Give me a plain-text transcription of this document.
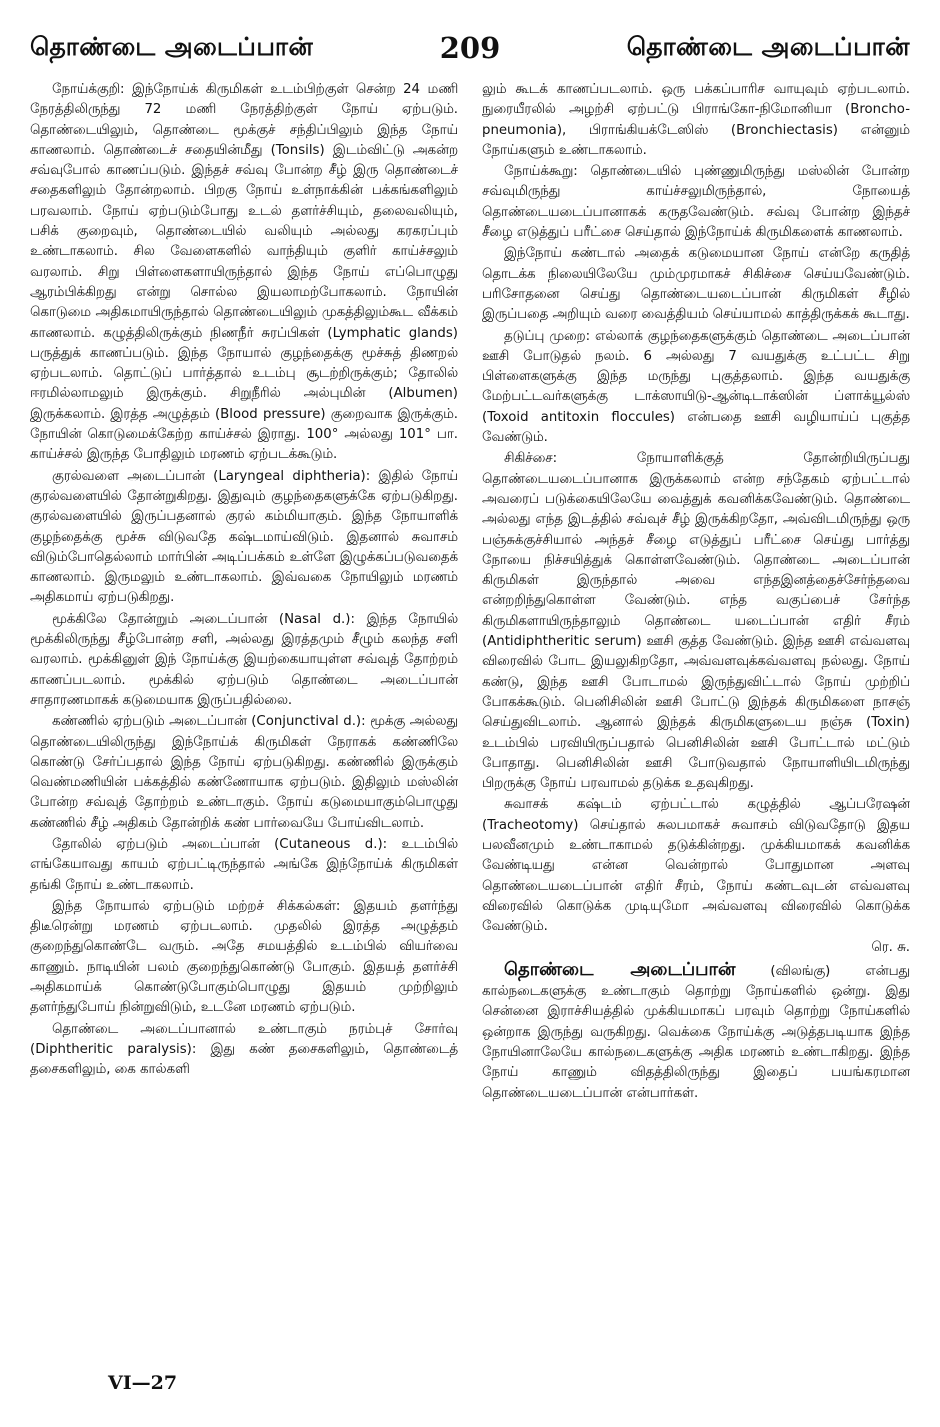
தொண்டை அடைப்பான்	209	தொண்டை அடைப்பான்

நோய்க்குறி: இந்நோய்க் கிருமிகள் உடம்பிற்குள் சென்ற 24 மணி நேரத்திலிருந்து 72 மணி நேரத்திற்குள் நோய் ஏற்படும். தொண்டையிலும், தொண்டை மூக்குச் சந்திப்பிலும் இந்த நோய் காணலாம். தொண்டைச் சதையின்மீது (Tonsils) இடம்விட்டு அகன்ற சவ்வுபோல் காணப்படும். இந்தச் சவ்வு போன்ற சீழ் இரு தொண்டைச் சதைகளிலும் தோன்றலாம். பிறகு நோய் உள்நாக்கின் பக்கங்களிலும் பரவலாம். நோய் ஏற்படும்போது உடல் தளர்ச்சியும், தலைவலியும், பசிக் குறைவும், தொண்டையில் வலியும் அல்லது கரகரப்பும் உண்டாகலாம். சில வேளைகளில் வாந்தியும் குளிர் காய்ச்சலும் வரலாம். சிறு பிள்ளைகளாயிருந்தால் இந்த நோய் எப்பொழுது ஆரம்பிக்கிறது என்று சொல்ல இயலாமற்போகலாம். நோயின் கொடுமை அதிகமாயிருந்தால் தொண்டையிலும் முகத்திலும்கூட வீக்கம் காணலாம். கழுத்திலிருக்கும் நிணநீர் சுரப்பிகள் (Lymphatic glands) பருத்துக் காணப்படும். இந்த நோயால் குழந்தைக்கு மூச்சுத் திணறல் ஏற்படலாம். தொட்டுப் பார்த்தால் உடம்பு சூடற்றிருக்கும்; தோலில் ஈரமில்லாமலும் இருக்கும். சிறுநீரில் அல்புமின் (Albumen) இருக்கலாம். இரத்த அழுத்தம் (Blood pressure) குறைவாக இருக்கும். நோயின் கொடுமைக்கேற்ற காய்ச்சல் இராது. 100° அல்லது 101° பா. காய்ச்சல் இருந்த போதிலும் மரணம் ஏற்படக்கூடும்.

குரல்வளை அடைப்பான் (Laryngeal diphtheria): இதில் நோய் குரல்வளையில் தோன்றுகிறது. இதுவும் குழந்தைகளுக்கே ஏற்படுகிறது. குரல்வளையில் இருப்பதனால் குரல் கம்மியாகும். இந்த நோயாளிக் குழந்தைக்கு மூச்சு விடுவதே கஷ்டமாய்விடும். இதனால் சுவாசம் விடும்போதெல்லாம் மார்பின் அடிப்பக்கம் உள்ளே இழுக்கப்படுவதைக் காணலாம். இருமலும் உண்டாகலாம். இவ்வகை நோயிலும் மரணம் அதிகமாய் ஏற்படுகிறது.

மூக்கிலே தோன்றும் அடைப்பான் (Nasal d.): இந்த நோயில் மூக்கிலிருந்து சீழ்போன்ற சளி, அல்லது இரத்தமும் சீழும் கலந்த சளி வரலாம். மூக்கினுள் இந் நோய்க்கு இயற்கையாயுள்ள சவ்வுத் தோற்றம் காணப்படலாம். மூக்கில் ஏற்படும் தொண்டை அடைப்பான் சாதாரணமாகக் கடுமையாக இருப்பதில்லை.

கண்ணில் ஏற்படும் அடைப்பான் (Conjunctival d.): மூக்கு அல்லது தொண்டையிலிருந்து இந்நோய்க் கிருமிகள் நேராகக் கண்ணிலே கொண்டு சேர்ப்பதால் இந்த நோய் ஏற்படுகிறது. கண்ணில் இருக்கும் வெண்மணியின் பக்கத்தில் கண்ணோயாக ஏற்படும். இதிலும் மஸ்லின் போன்ற சவ்வுத் தோற்றம் உண்டாகும். நோய் கடுமையாகும்பொழுது கண்ணில் சீழ் அதிகம் தோன்றிக் கண் பார்வையே போய்விடலாம்.

தோலில் ஏற்படும் அடைப்பான் (Cutaneous d.): உடம்பில் எங்கேயாவது காயம் ஏற்பட்டிருந்தால் அங்கே இந்நோய்க் கிருமிகள் தங்கி நோய் உண்டாகலாம்.

இந்த நோயால் ஏற்படும் மற்றச் சிக்கல்கள்: இதயம் தளர்ந்து திடீரென்று மரணம் ஏற்படலாம். முதலில் இரத்த அழுத்தம் குறைந்துகொண்டே வரும். அதே சமயத்தில் உடம்பில் வியர்வை காணும். நாடியின் பலம் குறைந்துகொண்டு போகும். இதயத் தளர்ச்சி அதிகமாய்க் கொண்டுபோகும்பொழுது இதயம் முற்றிலும் தளர்ந்துபோய் நின்றுவிடும், உடனே மரணம் ஏற்படும்.

தொண்டை அடைப்பானால் உண்டாகும் நரம்புச் சோர்வு (Diphtheritic paralysis): இது கண் தசைகளிலும், தொண்டைத் தசைகளிலும், கை கால்களி

லும் கூடக் காணப்படலாம். ஒரு பக்கப்பாரிச வாயுவும் ஏற்படலாம். நுரையீரலில் அழற்சி ஏற்பட்டு பிராங்கோ-நிமோனியா (Broncho-pneumonia), பிராங்கியக்டேஸிஸ் (Bronchiectasis) என்னும் நோய்களும் உண்டாகலாம்.

நோய்க்கூறு: தொண்டையில் புண்ணுமிருந்து மஸ்லின் போன்ற சவ்வுமிருந்து காய்ச்சலுமிருந்தால், நோயைத் தொண்டையடைப்பானாகக் கருதவேண்டும். சவ்வு போன்ற இந்தச் சீழை எடுத்துப் பரீட்சை செய்தால் இந்நோய்க் கிருமிகளைக் காணலாம்.

இந்நோய் கண்டால் அதைக் கடுமையான நோய் என்றே கருதித் தொடக்க நிலையிலேயே மும்முரமாகச் சிகிச்சை செய்யவேண்டும். பரிசோதனை செய்து தொண்டையடைப்பான் கிருமிகள் சீழில் இருப்பதை அறியும் வரை வைத்தியம் செய்யாமல் காத்திருக்கக் கூடாது.

தடுப்பு முறை: எல்லாக் குழந்தைகளுக்கும் தொண்டை அடைப்பான் ஊசி போடுதல் நலம். 6 அல்லது 7 வயதுக்கு உட்பட்ட சிறு பிள்ளைகளுக்கு இந்த மருந்து புகுத்தலாம். இந்த வயதுக்கு மேற்பட்டவர்களுக்கு டாக்ஸாயிடு-ஆன்டிடாக்ஸின் ப்ளாக்யூல்ஸ் (Toxoid antitoxin floccules) என்பதை ஊசி வழியாய்ப் புகுத்த வேண்டும்.

சிகிச்சை: நோயாளிக்குத் தோன்றியிருப்பது தொண்டையடைப்பானாக இருக்கலாம் என்ற சந்தேகம் ஏற்பட்டால் அவரைப் படுக்கையிலேயே வைத்துக் கவனிக்கவேண்டும். தொண்டை அல்லது எந்த இடத்தில் சவ்வுச் சீழ் இருக்கிறதோ, அவ்விடமிருந்து ஒரு பஞ்சுக்குச்சியால் அந்தச் சீழை எடுத்துப் பரீட்சை செய்து பார்த்து நோயை நிச்சயித்துக் கொள்ளவேண்டும். தொண்டை அடைப்பான் கிருமிகள் இருந்தால் அவை எந்தஇனத்தைச்சேர்ந்தவை என்றறிந்துகொள்ள வேண்டும். எந்த வகுப்பைச் சேர்ந்த கிருமிகளாயிருந்தாலும் தொண்டை யடைப்பான் எதிர் சீரம் (Antidiphtheritic serum) ஊசி குத்த வேண்டும். இந்த ஊசி எவ்வளவு விரைவில் போட இயலுகிறதோ, அவ்வளவுக்கவ்வளவு நல்லது. நோய் கண்டு, இந்த ஊசி போடாமல் இருந்துவிட்டால் நோய் முற்றிப் போகக்கூடும். பெனிசிலின் ஊசி போட்டு இந்தக் கிருமிகளை நாசஞ் செய்துவிடலாம். ஆனால் இந்தக் கிருமிகளுடைய நஞ்சு (Toxin) உடம்பில் பரவியிருப்பதால் பெனிசிலின் ஊசி போட்டால் மட்டும் போதாது. பெனிசிலின் ஊசி போடுவதால் நோயாளியிடமிருந்து பிறருக்கு நோய் பரவாமல் தடுக்க உதவுகிறது.

சுவாசக் கஷ்டம் ஏற்பட்டால் கழுத்தில் ஆப்பரேஷன் (Tracheotomy) செய்தால் சுலபமாகச் சுவாசம் விடுவதோடு இதய பலவீனமும் உண்டாகாமல் தடுக்கின்றது. முக்கியமாகக் கவனிக்க வேண்டியது என்ன வென்றால் போதுமான அளவு தொண்டையடைப்பான் எதிர் சீரம், நோய் கண்டவுடன் எவ்வளவு விரைவில் கொடுக்க முடியுமோ அவ்வளவு விரைவில் கொடுக்க வேண்டும்.

ரெ. சு.

தொண்டை அடைப்பான்	(விலங்கு)	என்பது கால்நடைகளுக்கு உண்டாகும் தொற்று நோய்களில் ஒன்று. இது சென்னை இராச்சியத்தில் முக்கியமாகப் பரவும் தொற்று நோய்களில் ஒன்றாக இருந்து வருகிறது. வெக்கை நோய்க்கு அடுத்தபடியாக இந்த நோயினாலேயே கால்நடைகளுக்கு அதிக மரணம் உண்டாகிறது. இந்த நோய் காணும் விதத்திலிருந்து இதைப் பயங்கரமான தொண்டையடைப்பான் என்பார்கள்.

VI—27
